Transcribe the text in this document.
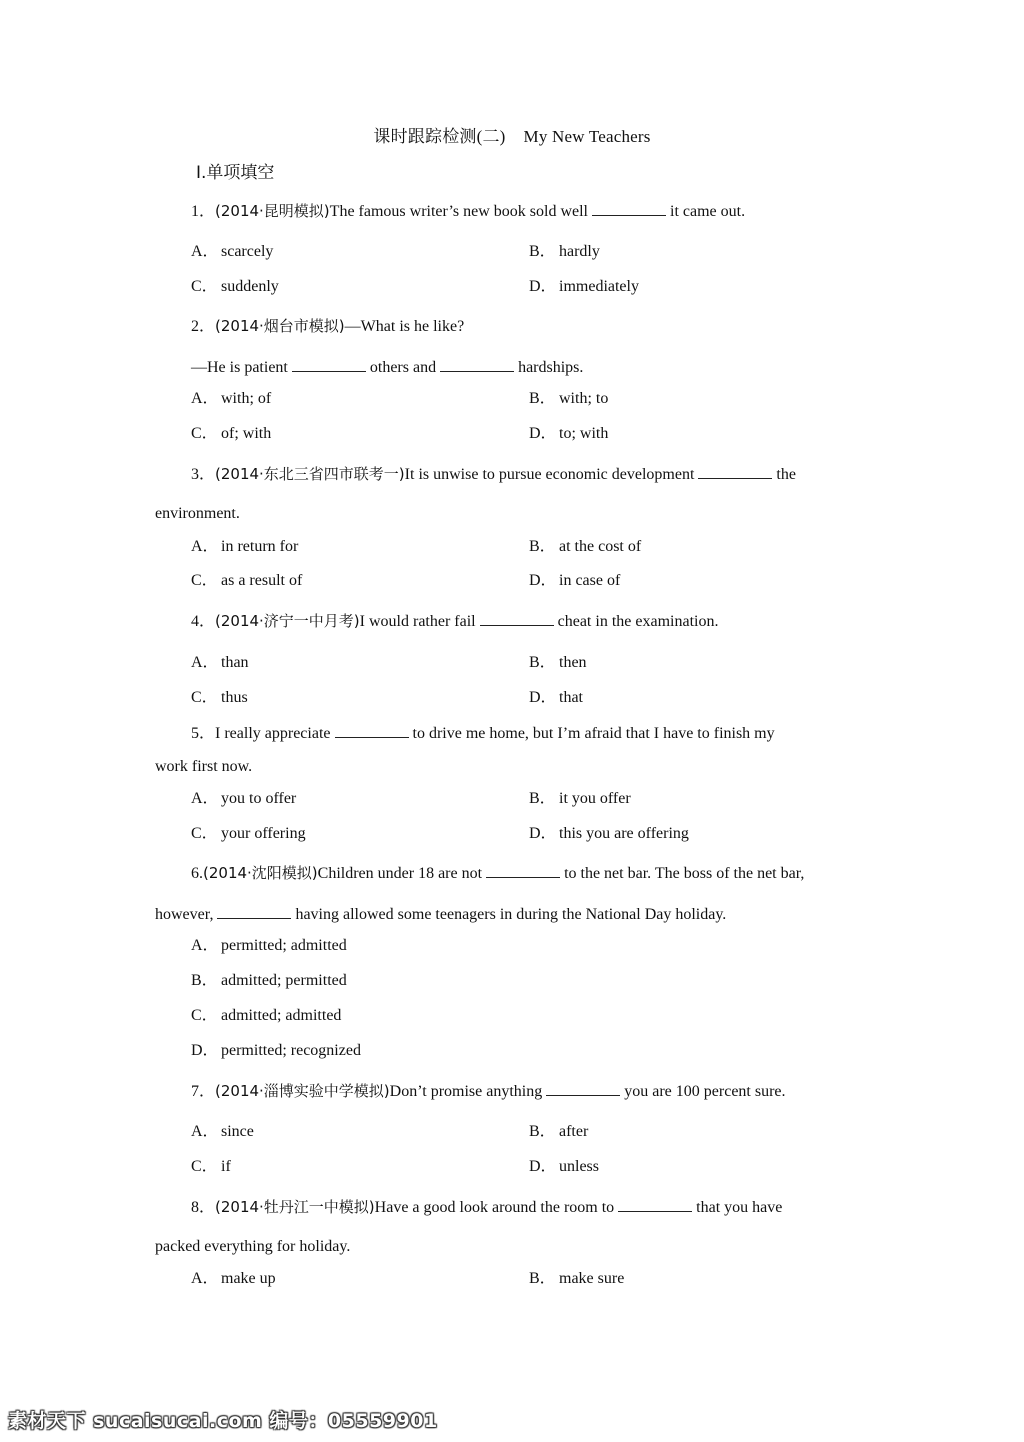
课时跟踪检测(二) My New Teachers
Ⅰ.单项填空
1．(2014·昆明模拟)The famous writer’s new book sold well	it came out.
A． scarcely	B． hardly
C． suddenly	D． immediately
2．(2014·烟台市模拟)—What is he like?
—He is patient	others and	hardships.
A． with; of	B． with; to
C． of; with	D． to; with
3．(2014·东北三省四市联考一)It is unwise to pursue economic development	the
environment.
A． in return for	B． at the cost of
C． as a result of	D． in case of
4．(2014·济宁一中月考)I would rather fail	cheat in the examination.
A． than	B． then
C． thus	D． that
5．I really appreciate	to drive me home, but I’m afraid that I have to finish my
work first now.
A． you to offer	B． it you offer
C． your offering	D． this you are offering
6.(2014·沈阳模拟)Children under 18 are not	to the net bar. The boss of the net bar,
however,	having allowed some teenagers in during the National Day holiday.
A． permitted; admitted
B． admitted; permitted
C． admitted; admitted
D． permitted; recognized
7．(2014·淄博实验中学模拟)Don’t promise anything	you are 100 percent sure.
A． since	B． after
C． if	D． unless
8．(2014·牡丹江一中模拟)Have a good look around the room to	that you have
packed everything for holiday.
A． make up	B． make sure
素材天下 sucaisucai.com 编号：05559901
